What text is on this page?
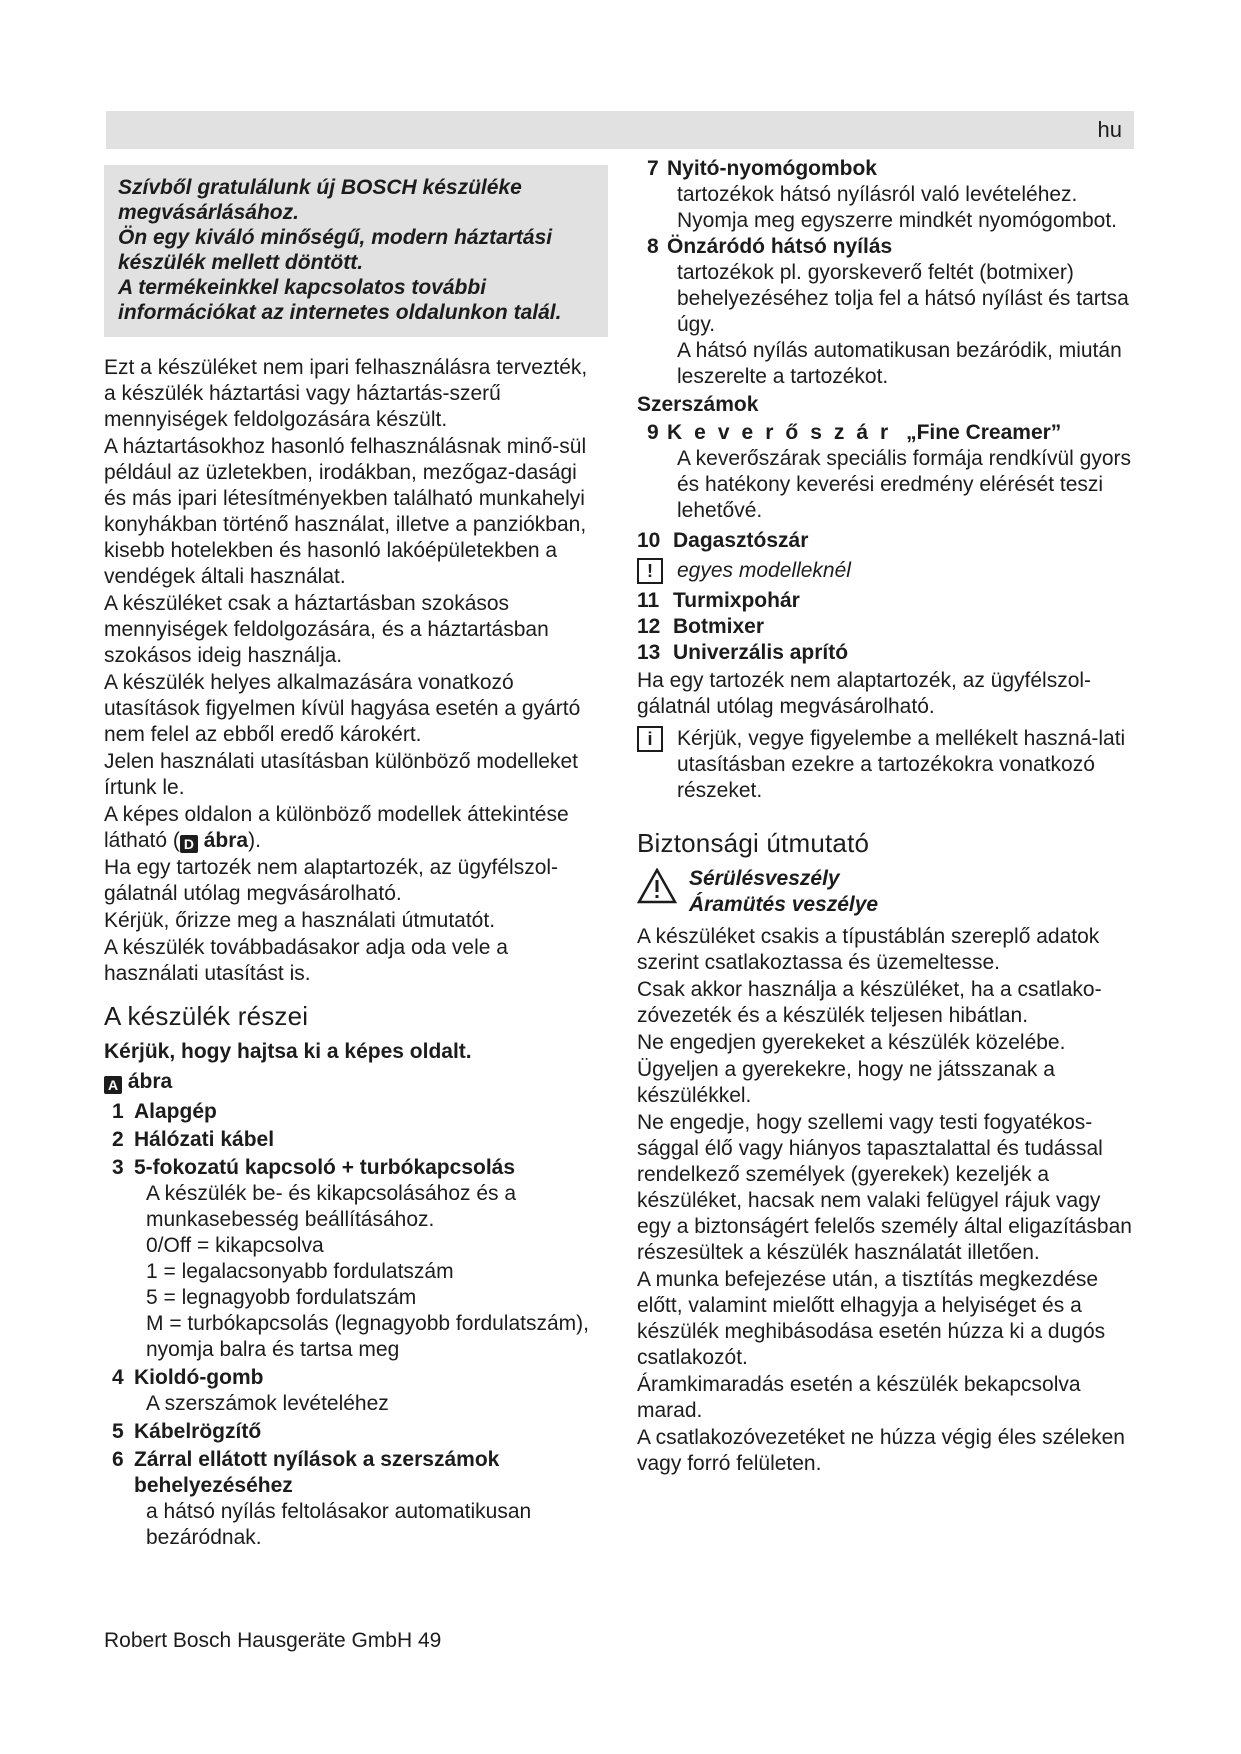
hu

Szívből gratulálunk új BOSCH készüléke megvásárlásához.

Ön egy kiváló minőségű, modern háztartási készülék mellett döntött.

A termékeinkkel kapcsolatos további információkat az internetes oldalunkon talál.

Ezt a készüléket nem ipari felhasználásra tervezték, a készülék háztartási vagy háztartás-szerű mennyiségek feldolgozására készült.

A háztartásokhoz hasonló felhasználásnak minő-sül például az üzletekben, irodákban, mezőgaz-dasági és más ipari létesítményekben található munkahelyi konyhákban történő használat, illetve a panziókban, kisebb hotelekben és hasonló lakóépületekben a vendégek általi használat.

A készüléket csak a háztartásban szokásos mennyiségek feldolgozására, és a háztartásban szokásos ideig használja.

A készülék helyes alkalmazására vonatkozó utasítások figyelmen kívül hagyása esetén a gyártó nem felel az ebből eredő károkért.

Jelen használati utasításban különböző modelleket írtunk le.

A képes oldalon a különböző modellek áttekintése látható ( D ábra).

Ha egy tartozék nem alaptartozék, az ügyfélszol-gálatnál utólag megvásárolható.

Kérjük, őrizze meg a használati útmutatót.

A készülék továbbadásakor adja oda vele a használati utasítást is.

A készülék részei

Kérjük, hogy hajtsa ki a képes oldalt.

A ábra

1 Alapgép
2 Hálózati kábel
3 5-fokozatú kapcsoló + turbókapcsolás

A készülék be- és kikapcsolásához és a munkasebesség beállításához.

0/Off = kikapcsolva

1 = legalacsonyabb fordulatszám

5 = legnagyobb fordulatszám

M = turbókapcsolás (legnagyobb fordulatszám), nyomja balra és tartsa meg

4 Kioldó-gomb

A szerszámok levételéhez

5 Kábelrögzítő
6 Zárral ellátott nyílások a szerszámok behelyezéséhez

a hátsó nyílás feltolásakor automatikusan bezáródnak.

7 Nyitó-nyomógombok

tartozékok hátsó nyílásról való levételéhez. Nyomja meg egyszerre mindkét nyomógombot.

8 Önzáródó hátsó nyílás

tartozékok pl. gyorskeverő feltét (botmixer) behelyezéséhez tolja fel a hátsó nyílást és tartsa úgy.

A hátsó nyílás automatikusan bezáródik, miután leszerelte a tartozékot.

Szerszámok

9 Keverőszár „Fine Creamer”

A keverőszárak speciális formája rendkívül gyors és hatékony keverési eredmény elérését teszi lehetővé.

10 Dagasztószár
!	egyes modelleknél
11 Turmixpohár
12 Botmixer
13 Univerzális aprító

Ha egy tartozék nem alaptartozék, az ügyfélszol-gálatnál utólag megvásárolható.

i	Kérjük, vegye figyelembe a mellékelt haszná-lati utasításban ezekre a tartozékokra vonatkozó részeket.
Biztonsági útmutató

Sérülésveszély

Áramütés veszélye

A készüléket csakis a típustáblán szereplő adatok szerint csatlakoztassa és üzemeltesse.

Csak akkor használja a készüléket, ha a csatlako-zóvezeték és a készülék teljesen hibátlan.

Ne engedjen gyerekeket a készülék közelébe.

Ügyeljen a gyerekekre, hogy ne játsszanak a készülékkel.

Ne engedje, hogy szellemi vagy testi fogyatékos-sággal élő vagy hiányos tapasztalattal és tudással rendelkező személyek (gyerekek) kezeljék a készüléket, hacsak nem valaki felügyel rájuk vagy egy a biztonságért felelős személy által eligazításban részesültek a készülék használatát illetően.

A munka befejezése után, a tisztítás megkezdése előtt, valamint mielőtt elhagyja a helyiséget és a készülék meghibásodása esetén húzza ki a dugós csatlakozót.

Áramkimaradás esetén a készülék bekapcsolva marad.

A csatlakozóvezetéket ne húzza végig éles széleken vagy forró felületen.

Robert Bosch Hausgeräte GmbH 49
